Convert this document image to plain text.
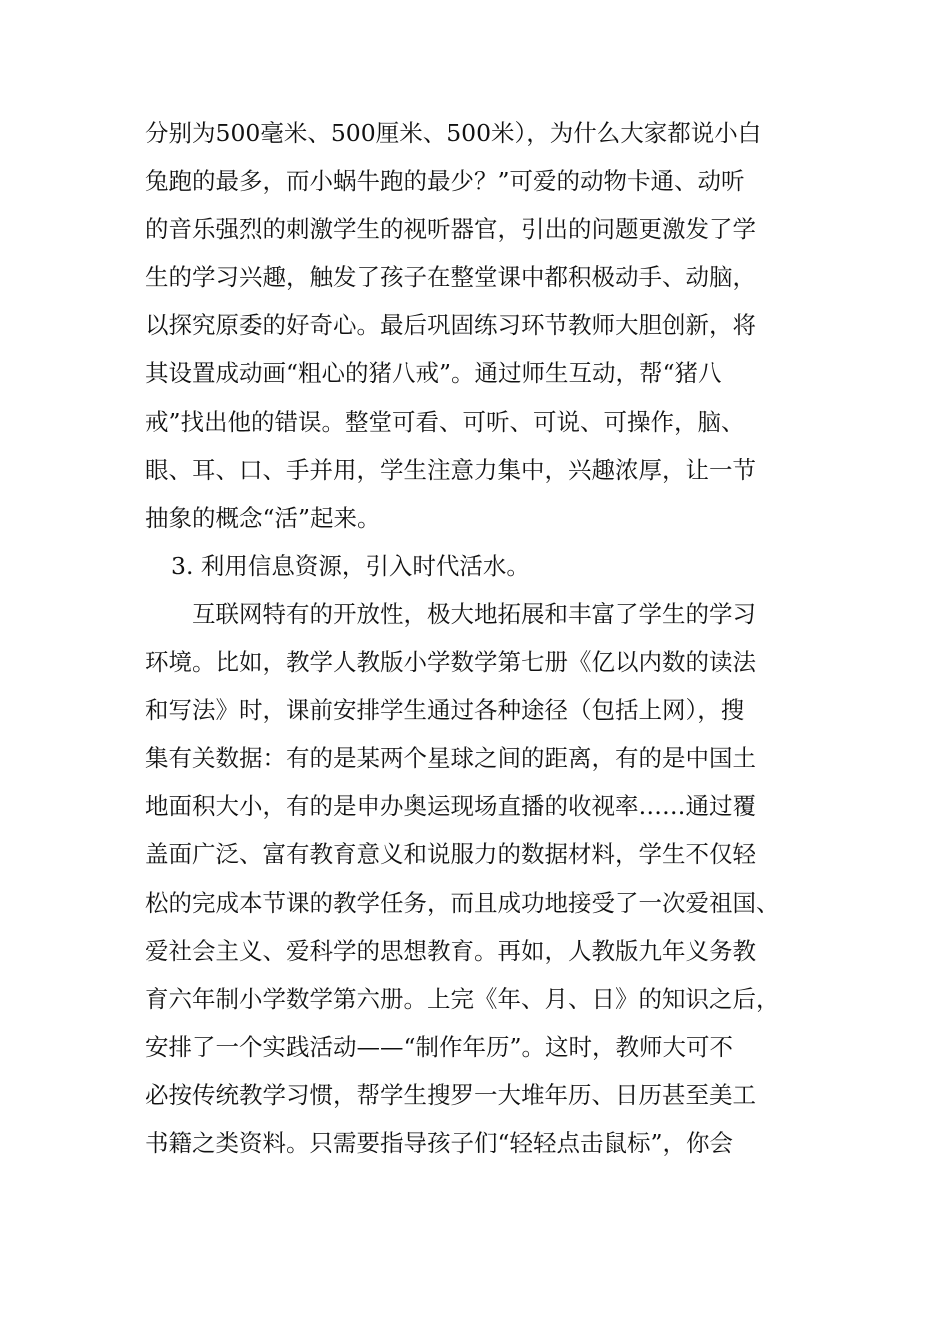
分别为500毫米、500厘米、500米），为什么大家都说小白

兔跑的最多，而小蜗牛跑的最少？”可爱的动物卡通、动听

的音乐强烈的刺激学生的视听器官，引出的问题更激发了学

生的学习兴趣，触发了孩子在整堂课中都积极动手、动脑，

以探究原委的好奇心。最后巩固练习环节教师大胆创新，将

其设置成动画“粗心的猪八戒”。通过师生互动，帮“猪八

戒”找出他的错误。整堂可看、可听、可说、可操作，脑、

眼、耳、口、手并用，学生注意力集中，兴趣浓厚，让一节

抽象的概念“活”起来。

3. 利用信息资源，引入时代活水。

互联网特有的开放性，极大地拓展和丰富了学生的学习

环境。比如，教学人教版小学数学第七册《亿以内数的读法

和写法》时，课前安排学生通过各种途径（包括上网），搜

集有关数据：有的是某两个星球之间的距离，有的是中国土

地面积大小，有的是申办奥运现场直播的收视率……通过覆

盖面广泛、富有教育意义和说服力的数据材料，学生不仅轻

松的完成本节课的教学任务，而且成功地接受了一次爱祖国、

爱社会主义、爱科学的思想教育。再如，人教版九年义务教

育六年制小学数学第六册。上完《年、月、日》的知识之后，

安排了一个实践活动——“制作年历”。这时，教师大可不

必按传统教学习惯，帮学生搜罗一大堆年历、日历甚至美工

书籍之类资料。只需要指导孩子们“轻轻点击鼠标”，你会
